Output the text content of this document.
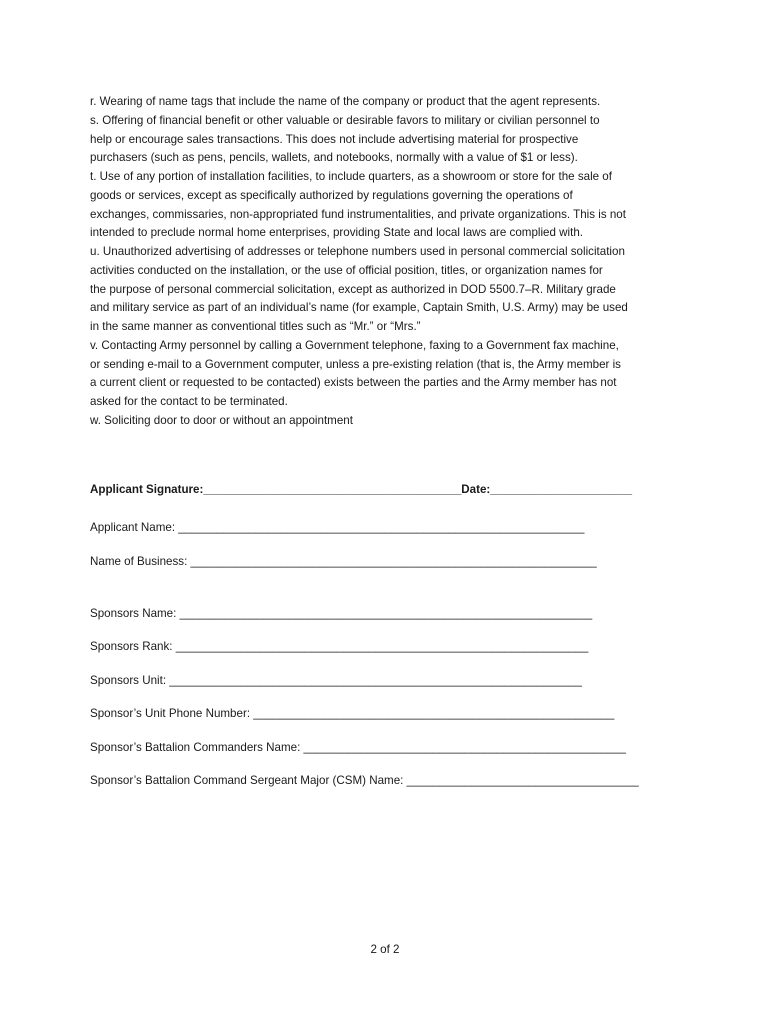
r. Wearing of name tags that include the name of the company or product that the agent represents.

s. Offering of financial benefit or other valuable or desirable favors to military or civilian personnel to

help or encourage sales transactions. This does not include advertising material for prospective

purchasers (such as pens, pencils, wallets, and notebooks, normally with a value of $1 or less).

t. Use of any portion of installation facilities, to include quarters, as a showroom or store for the sale of

goods or services, except as specifically authorized by regulations governing the operations of

exchanges, commissaries, non-appropriated fund instrumentalities, and private organizations. This is not

intended to preclude normal home enterprises, providing State and local laws are complied with.

u. Unauthorized advertising of addresses or telephone numbers used in personal commercial solicitation

activities conducted on the installation, or the use of official position, titles, or organization names for

the purpose of personal commercial solicitation, except as authorized in DOD 5500.7–R. Military grade

and military service as part of an individual’s name (for example, Captain Smith, U.S. Army) may be used

in the same manner as conventional titles such as “Mr.” or “Mrs.”

v. Contacting Army personnel by calling a Government telephone, faxing to a Government fax machine,

or sending e-mail to a Government computer, unless a pre-existing relation (that is, the Army member is

a current client or requested to be contacted) exists between the parties and the Army member has not

asked for the contact to be terminated.

w. Soliciting door to door or without an appointment

Applicant Signature:________________________________________Date:______________________
Applicant Name: _______________________________________________________________
Name of Business: _______________________________________________________________
Sponsors Name: ________________________________________________________________
Sponsors Rank: ________________________________________________________________
Sponsors Unit: ________________________________________________________________
Sponsor’s Unit Phone Number: ________________________________________________________
Sponsor’s Battalion Commanders Name: __________________________________________________
Sponsor’s Battalion Command Sergeant Major (CSM) Name: ____________________________________
2 of 2
